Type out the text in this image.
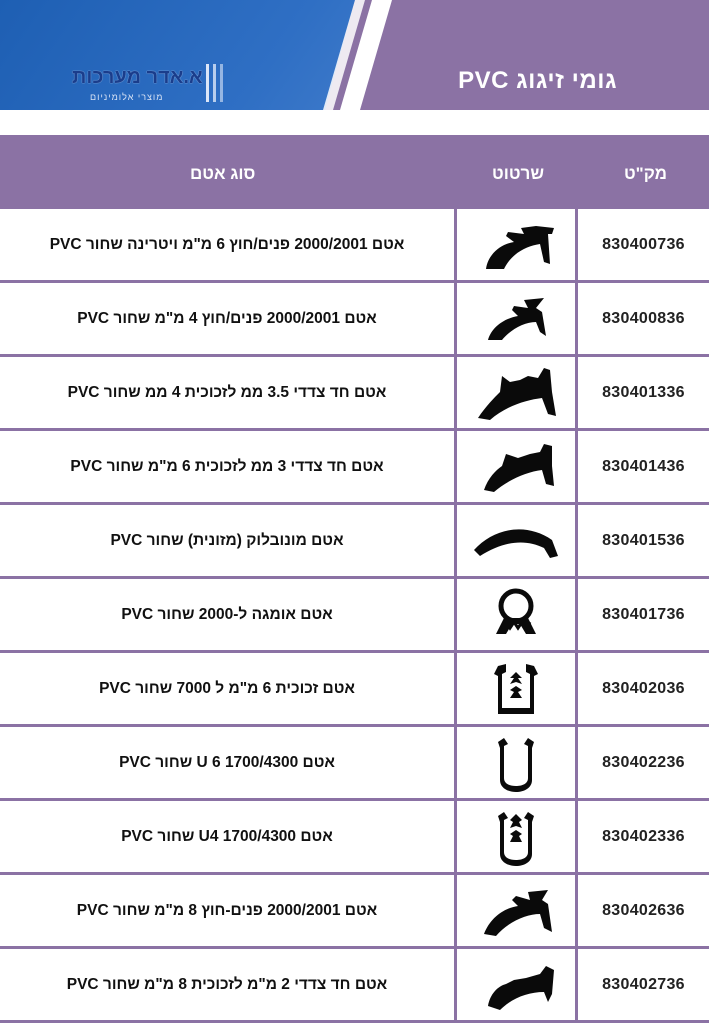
א.אדר מערכות
מוצרי אלומיניום
גומי זיגוג PVC
סוג אטם	שרטוט	מק"ט
אטם 2000/2001 פנים/חוץ 6 מ"מ ויטרינה שחור PVC	830400736
אטם 2000/2001 פנים/חוץ 4 מ"מ שחור PVC	830400836
אטם חד צדדי 3.5 ממ לזכוכית 4 ממ שחור PVC	830401336
אטם חד צדדי 3 ממ לזכוכית 6 מ"מ שחור PVC	830401436
אטם מונובלוק (מזונית) שחור PVC	830401536
אטם אומגה ל-2000 שחור PVC	830401736
אטם זכוכית 6 מ"מ ל 7000 שחור PVC	830402036
אטם 1700/4300 U 6 שחור PVC	830402236
אטם 1700/4300 U4 שחור PVC	830402336
אטם 2000/2001 פנים-חוץ 8 מ"מ שחור PVC	830402636
אטם חד צדדי 2 מ"מ לזכוכית 8 מ"מ שחור PVC	830402736
